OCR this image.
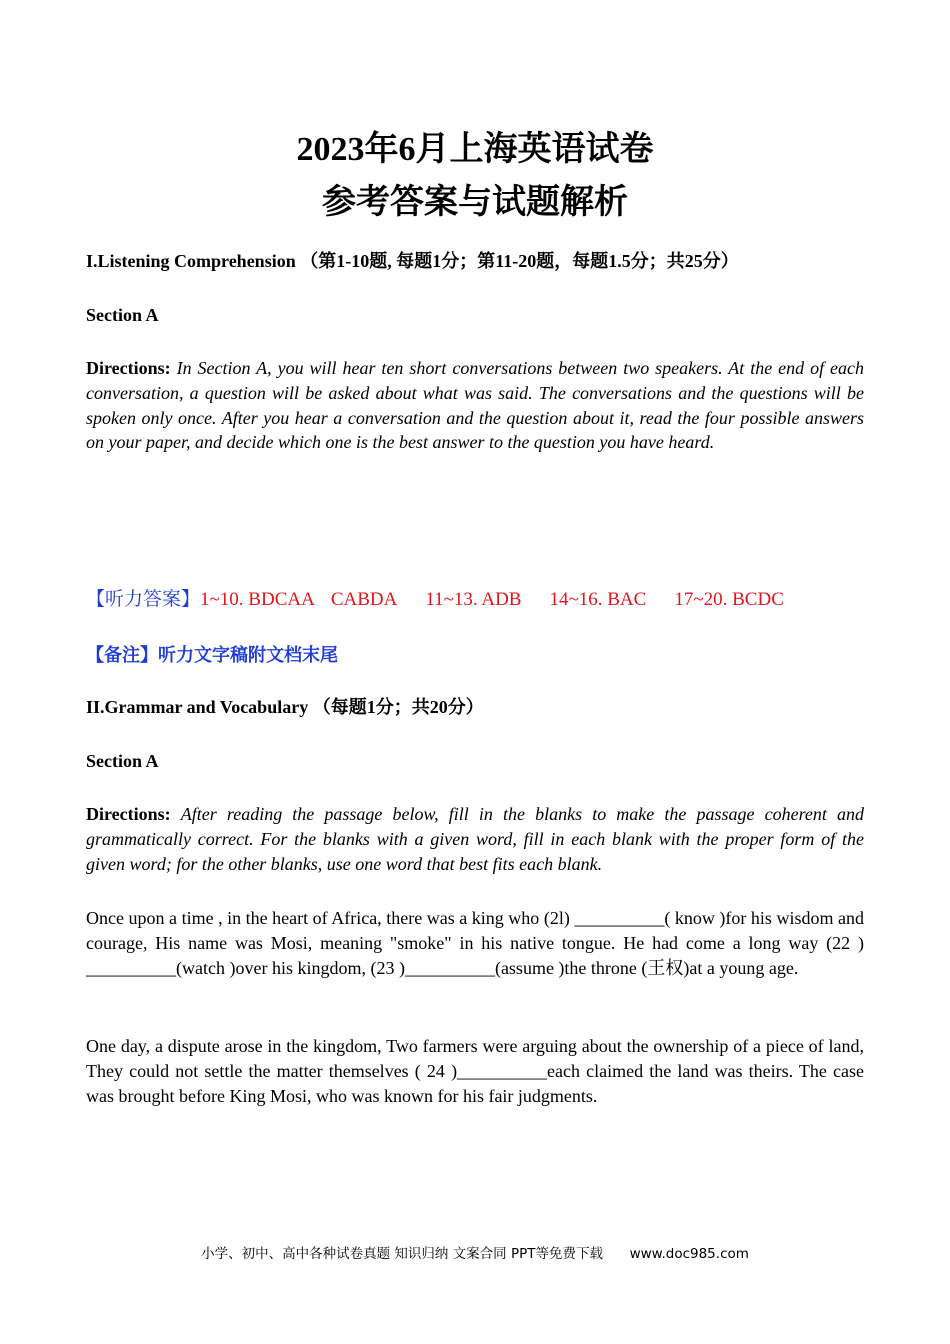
2023年6月上海英语试卷
参考答案与试题解析

I.Listening Comprehension （第1-10题, 每题1分；第11-20题，每题1.5分；共25分）

Section A

Directions: In Section A, you will hear ten short conversations between two speakers. At the end of each conversation, a question will be asked about what was said. The conversations and the questions will be spoken only once. After you hear a conversation and the question about it, read the four possible answers on your paper, and decide which one is the best answer to the question you have heard.

【听力答案】1~10. BDCAA CABDA 11~13. ADB 14~16. BAC 17~20. BCDC

【备注】听力文字稿附文档末尾

II.Grammar and Vocabulary （每题1分；共20分）

Section A

Directions: After reading the passage below, fill in the blanks to make the passage coherent and grammatically correct. For the blanks with a given word, fill in each blank with the proper form of the given word; for the other blanks, use one word that best fits each blank.

Once upon a time , in the heart of Africa, there was a king who (2l) __________( know )for his wisdom and courage, His name was Mosi, meaning "smoke" in his native tongue. He had come a long way (22 ) __________(watch )over his kingdom, (23 )__________(assume )the throne (王权)at a young age.

One day, a dispute arose in the kingdom, Two farmers were arguing about the ownership of a piece of land, They could not settle the matter themselves ( 24 )__________each claimed the land was theirs. The case was brought before King Mosi, who was known for his fair judgments.

小学、初中、高中各种试卷真题 知识归纳 文案合同 PPT等免费下载 www.doc985.com
